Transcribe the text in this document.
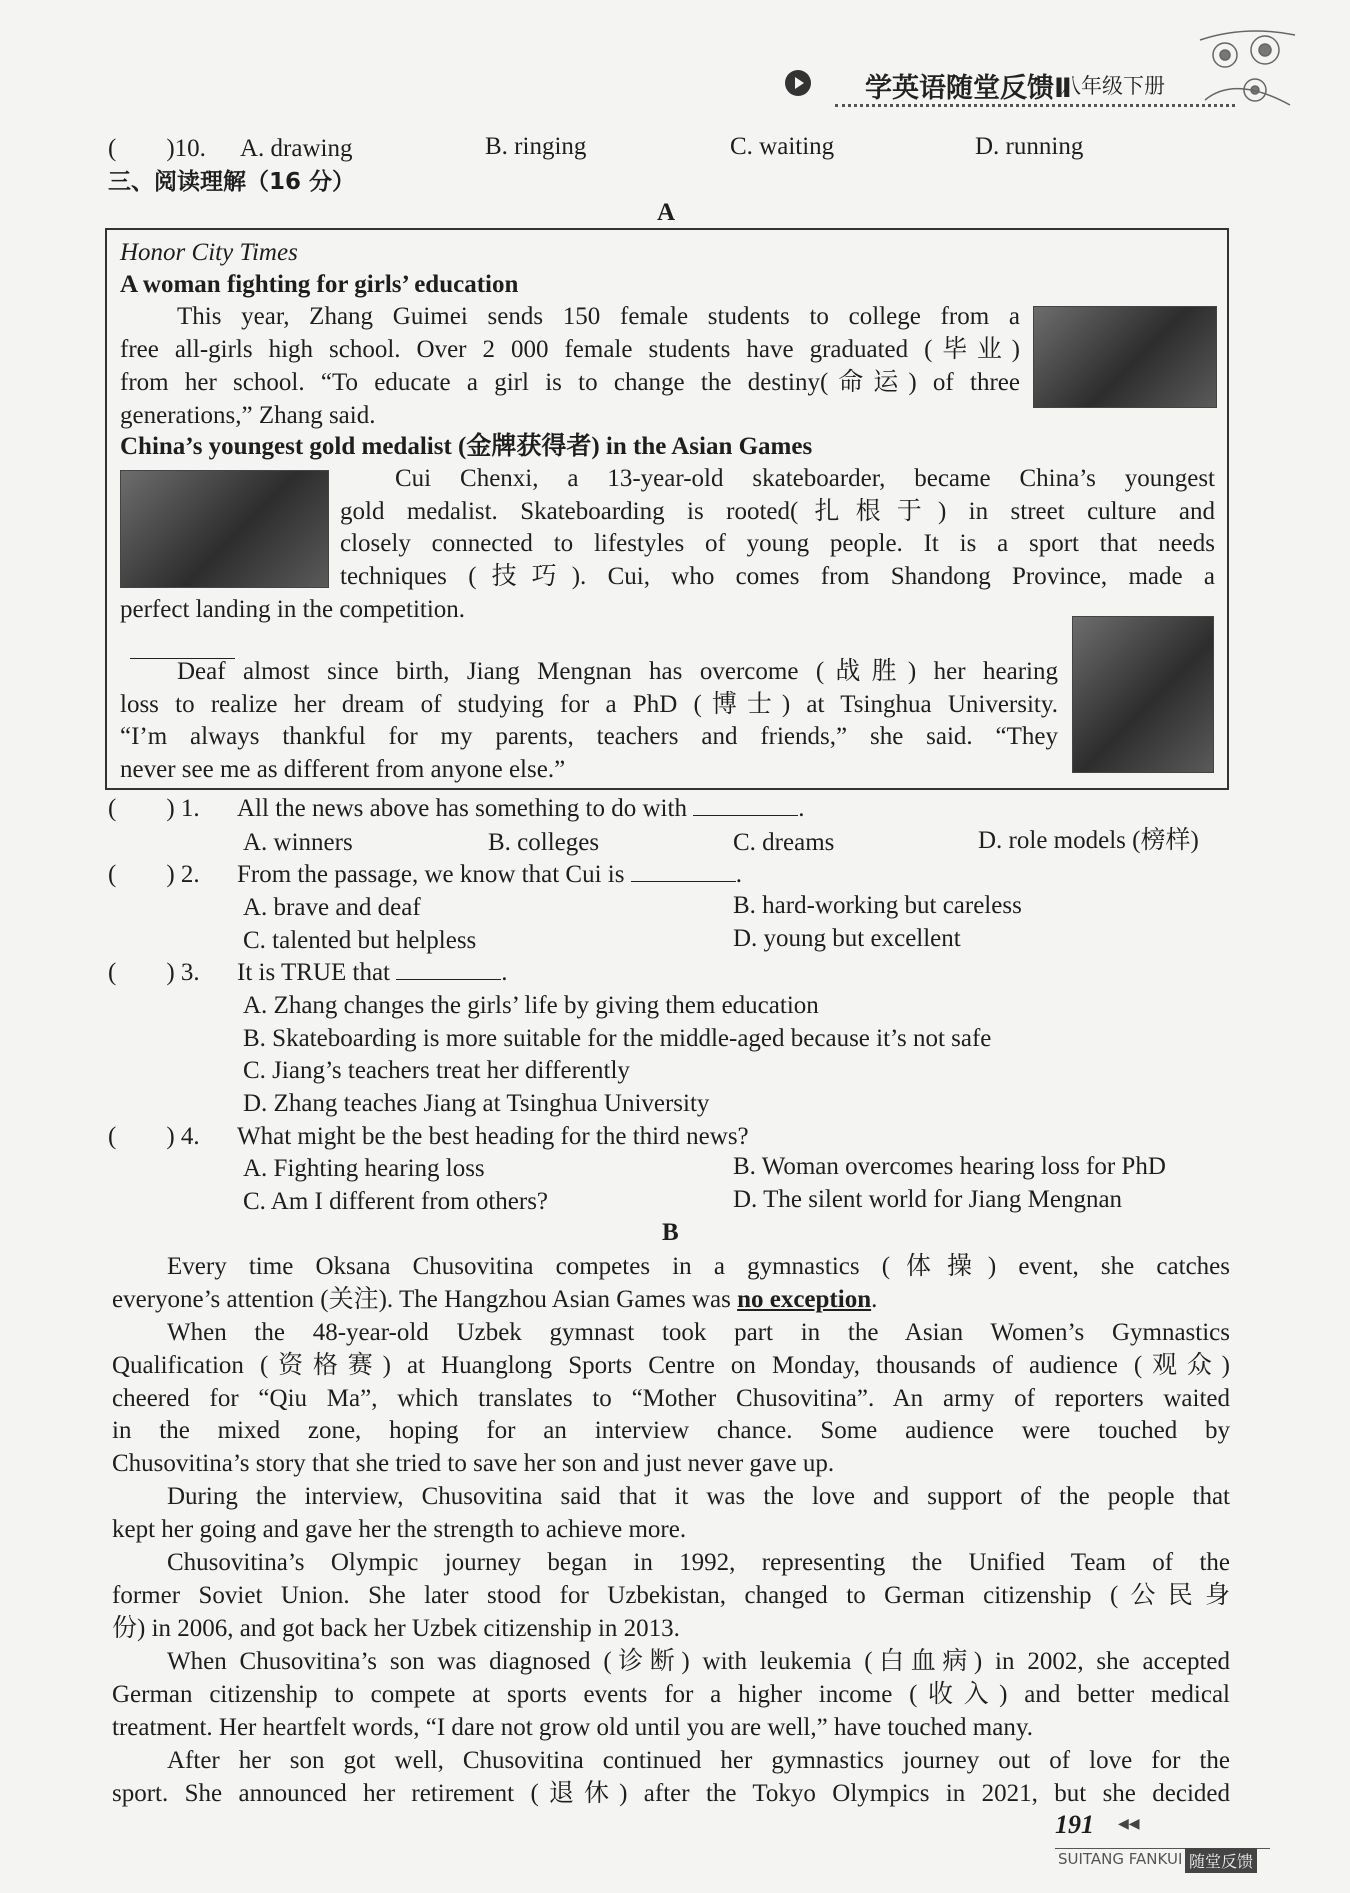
学英语随堂反馈Ⅱ
八年级下册
(　　)10. A. drawing	B. ringing	C. waiting	D. running
三、阅读理解（16 分）
A
Honor City Times
A woman fighting for girls’ education
This year, Zhang Guimei sends 150 female students to college from a
free all-girls high school. Over 2 000 female students have graduated (毕业)
from her school. “To educate a girl is to change the destiny(命运) of three
generations,” Zhang said.
China’s youngest gold medalist (金牌获得者) in the Asian Games
Cui Chenxi, a 13-year-old skateboarder, became China’s youngest
gold medalist. Skateboarding is rooted(扎根于) in street culture and
closely connected to lifestyles of young people. It is a sport that needs
techniques (技巧). Cui, who comes from Shandong Province, made a
perfect landing in the competition.
Deaf almost since birth, Jiang Mengnan has overcome (战胜) her hearing
loss to realize her dream of studying for a PhD (博士) at Tsinghua University.
“I’m always thankful for my parents, teachers and friends,” she said. “They
never see me as different from anyone else.”
(　　) 1. All the news above has something to do with	.
A. winners	B. colleges	C. dreams	D. role models (榜样)
(　　) 2. From the passage, we know that Cui is	.
A. brave and deaf	B. hard-working but careless
C. talented but helpless	D. young but excellent
(　　) 3. It is TRUE that	.
A. Zhang changes the girls’ life by giving them education
B. Skateboarding is more suitable for the middle-aged because it’s not safe
C. Jiang’s teachers treat her differently
D. Zhang teaches Jiang at Tsinghua University
(　　) 4. What might be the best heading for the third news?
A. Fighting hearing loss	B. Woman overcomes hearing loss for PhD
C. Am I different from others?	D. The silent world for Jiang Mengnan
B
Every time Oksana Chusovitina competes in a gymnastics (体操) event, she catches
everyone’s attention (关注). The Hangzhou Asian Games was no exception.
When the 48-year-old Uzbek gymnast took part in the Asian Women’s Gymnastics
Qualification (资格赛) at Huanglong Sports Centre on Monday, thousands of audience (观众)
cheered for “Qiu Ma”, which translates to “Mother Chusovitina”. An army of reporters waited
in the mixed zone, hoping for an interview chance. Some audience were touched by
Chusovitina’s story that she tried to save her son and just never gave up.
During the interview, Chusovitina said that it was the love and support of the people that
kept her going and gave her the strength to achieve more.
Chusovitina’s Olympic journey began in 1992, representing the Unified Team of the
former Soviet Union. She later stood for Uzbekistan, changed to German citizenship (公民身
份) in 2006, and got back her Uzbek citizenship in 2013.
When Chusovitina’s son was diagnosed (诊断) with leukemia (白血病) in 2002, she accepted
German citizenship to compete at sports events for a higher income (收入) and better medical
treatment. Her heartfelt words, “I dare not grow old until you are well,” have touched many.
After her son got well, Chusovitina continued her gymnastics journey out of love for the
sport. She announced her retirement (退休) after the Tokyo Olympics in 2021, but she decided
191 ◀◀
SUITANG FANKUI 随堂反馈
